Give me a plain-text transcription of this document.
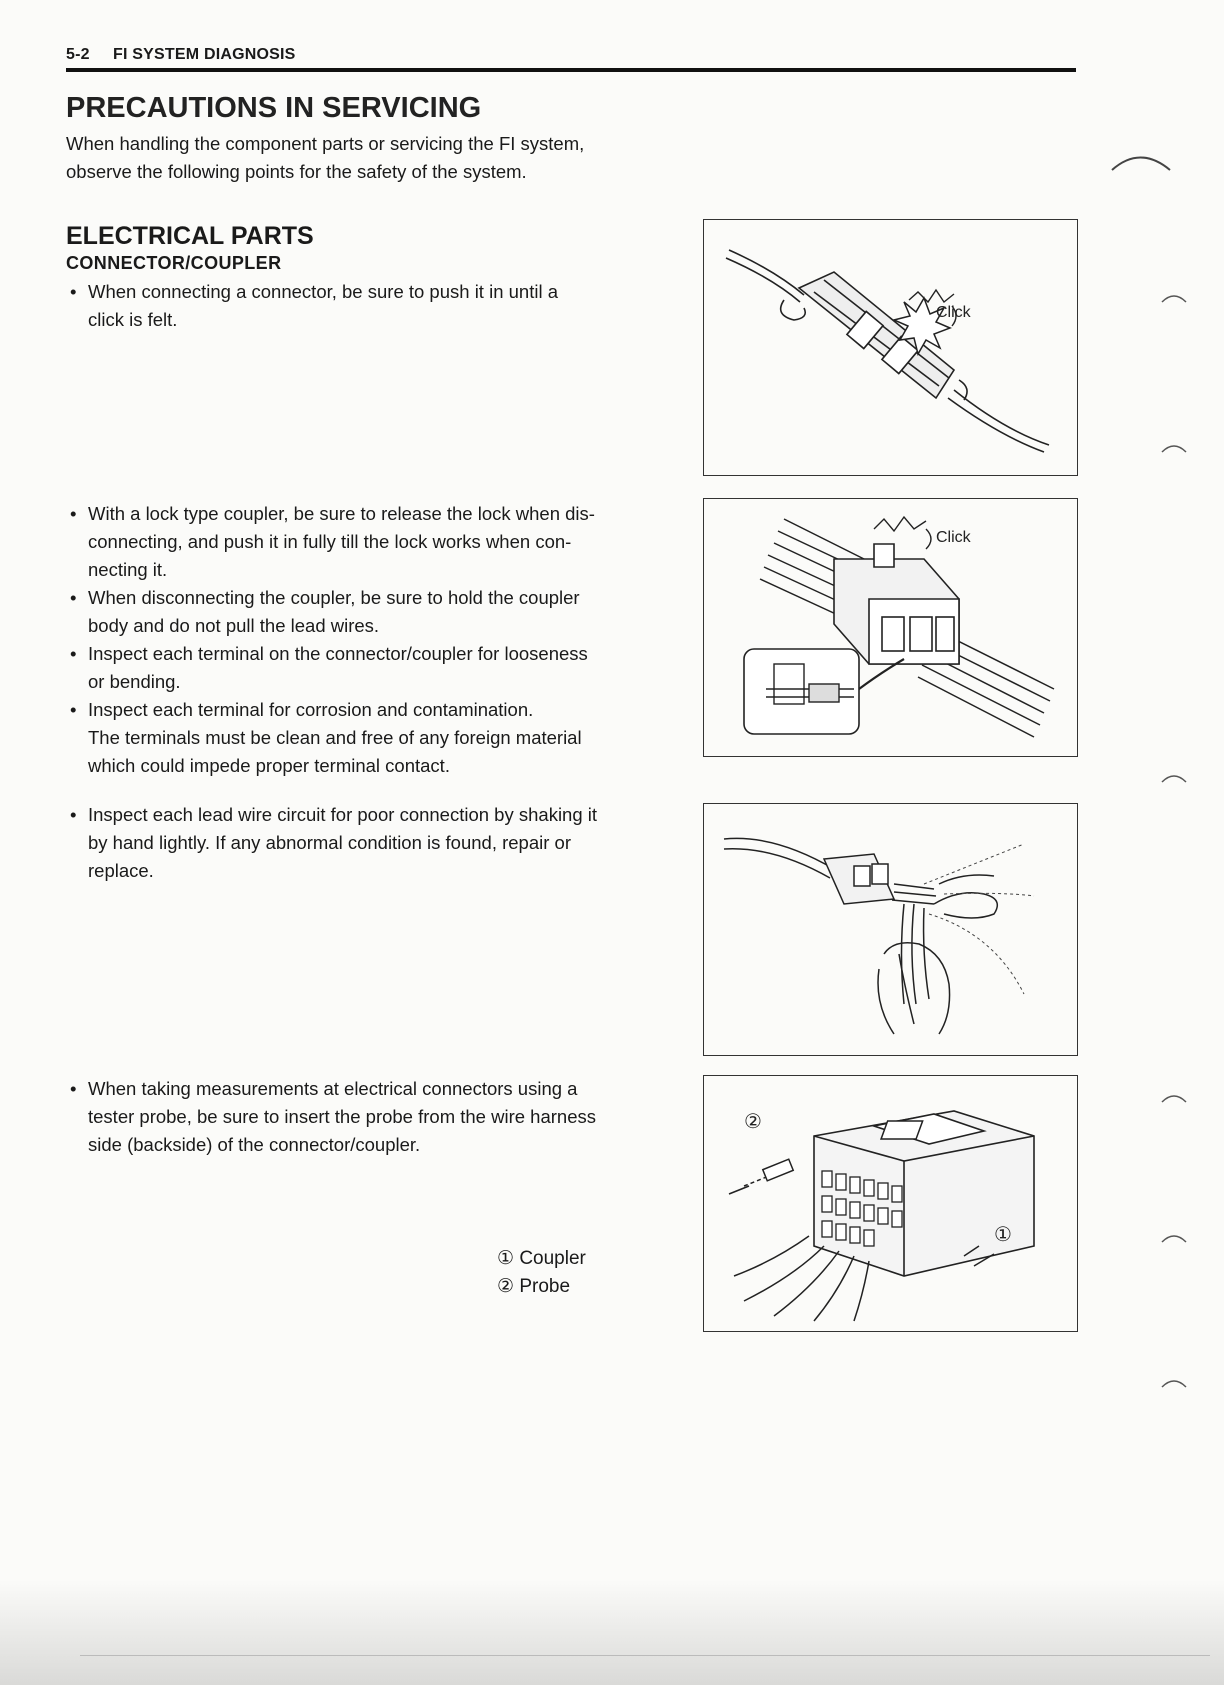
5-2 FI SYSTEM DIAGNOSIS
PRECAUTIONS IN SERVICING
When handling the component parts or servicing the FI system,
observe the following points for the safety of the system.
ELECTRICAL PARTS
CONNECTOR/COUPLER
• When connecting a connector, be sure to push it in until a
click is felt.
• With a lock type coupler, be sure to release the lock when dis-
connecting, and push it in fully till the lock works when con-
necting it.
• When disconnecting the coupler, be sure to hold the coupler
body and do not pull the lead wires.
• Inspect each terminal on the connector/coupler for looseness
or bending.
• Inspect each terminal for corrosion and contamination.
The terminals must be clean and free of any foreign material
which could impede proper terminal contact.
• Inspect each lead wire circuit for poor connection by shaking it
by hand lightly. If any abnormal condition is found, repair or
replace.
• When taking measurements at electrical connectors using a
tester probe, be sure to insert the probe from the wire harness
side (backside) of the connector/coupler.
① Coupler
② Probe
Click
Click
②
①
